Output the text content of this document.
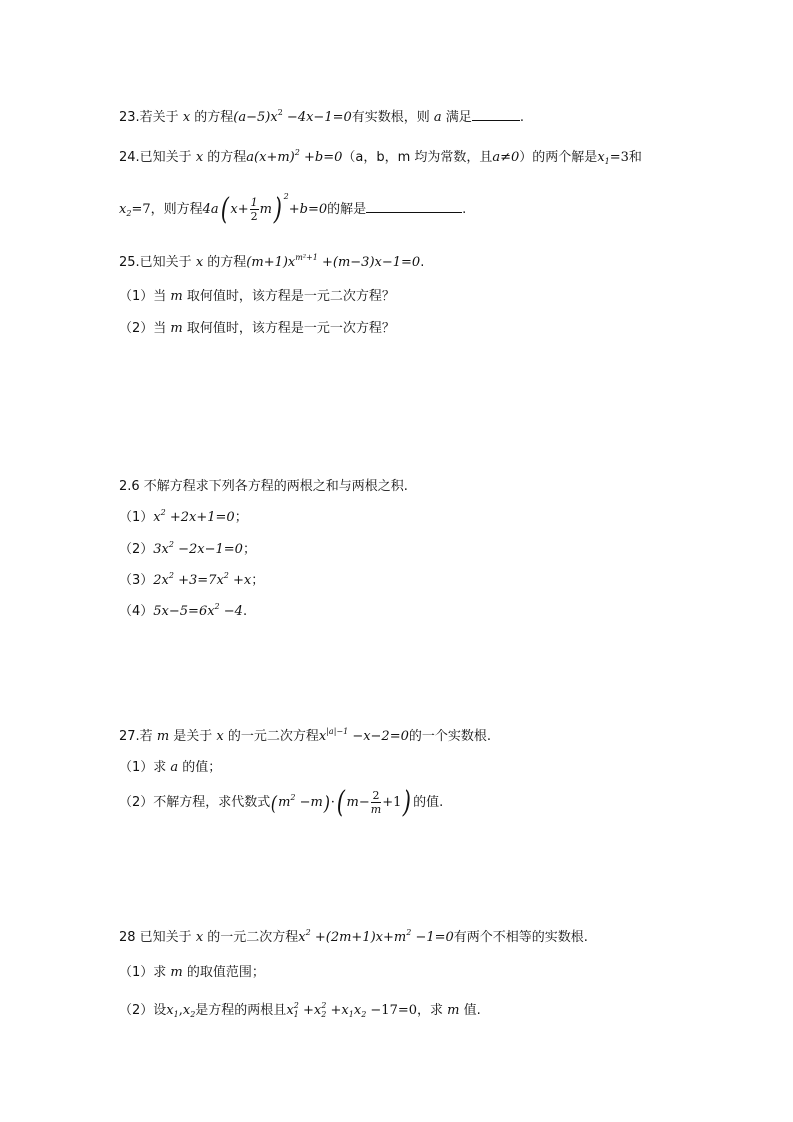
23.若关于 x 的方程$(a-5)x^2 -4x-1=0$有实数根，则 a 满足	.
24.已知关于 x 的方程$a(x+m)^2 +b=0(a$，b，m 均为常数，且a≠0）的两个解是$x_1=3$和
$x_2=7$，则方程4a( $x+ \frac{1}{2} m$) $^2$+b=0的解是	.
25.已知关于 x 的方程$(m+1)x^{m^2+1} +(m-3)x-1=0$.
（1）当 m 取何值时，该方程是一元二次方程？
（2）当 m 取何值时，该方程是一元一次方程？
2.6 不解方程求下列各方程的两根之和与两根之积.
$(1)x^2 +2x+1=0$；
$(2)3x^2 -2x-1=0$；
$(3)2x^2 +3=7x^2 +x$；
$(4)5x-5=6x^2 -4$.
27.若 m 是关于 x 的一元二次方程$x^{|a|-1} -x-2=0$的一个实数根.
（1）求 a 的值；
（2）不解方程，求代数式$(m^2 -m)\cdot$( $m- \frac{2}{m} +1$) 的值.
28 已知关于 x 的一元二次方程$x^2 +(2m+1)x+m^2 -1=0$有两个不相等的实数根.
（1）求 m 的取值范围；
（2）设$x_1,x_2$是方程的两根且$x_1^2 +x_2^2 +x_1x_2 -17=0$，求 m 值.
